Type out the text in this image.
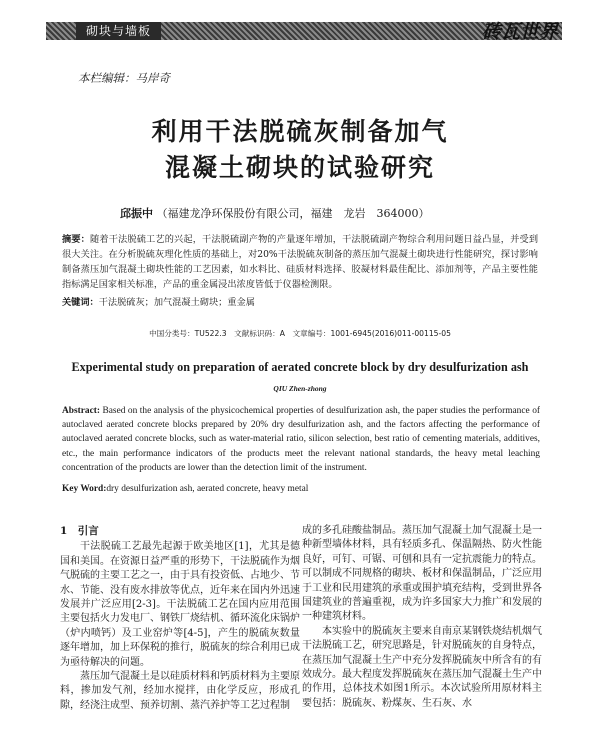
砌块与墙板	砖瓦世界
本栏编辑：马岸奇
利用干法脱硫灰制备加气
混凝土砌块的试验研究
邱振中 （福建龙净环保股份有限公司，福建　龙岩　364000）
摘要：随着干法脱硫工艺的兴起，干法脱硫副产物的产量逐年增加，干法脱硫副产物综合利用问题日益凸显，并受到很大关注。在分析脱硫灰理化性质的基础上，对20%干法脱硫灰制备的蒸压加气混凝土砌块进行性能研究，探讨影响制备蒸压加气混凝土砌块性能的工艺因素，如水料比、硅质材料选择、胶凝材料最佳配比、添加剂等，产品主要性能指标满足国家相关标准，产品的重金属浸出浓度皆低于仪器检测限。
关键词：干法脱硫灰；加气混凝土砌块；重金属
中国分类号：TU522.3　文献标识码：A　文章编号：1001-6945(2016)011-00115-05
Experimental study on preparation of aerated concrete block by dry desulfurization ash
QIU Zhen-zhong
Abstract: Based on the analysis of the physicochemical properties of desulfurization ash, the paper studies the performance of autoclaved aerated concrete blocks prepared by 20% dry desulfurization ash, and the factors affecting the performance of autoclaved aerated concrete blocks, such as water-material ratio, silicon selection, best ratio of cementing materials, additives, etc., the main performance indicators of the products meet the relevant national standards, the heavy metal leaching concentration of the products are lower than the detection limit of the instrument.
Key Word:dry desulfurization ash, aerated concrete, heavy metal
1　引言

干法脱硫工艺最先起源于欧美地区[1]，尤其是德国和美国。在资源日益严重的形势下，干法脱硫作为烟气脱硫的主要工艺之一，由于具有投资低、占地少、节水、节能、没有废水排放等优点，近年来在国内外迅速发展并广泛应用[2-3]。干法脱硫工艺在国内应用范围主要包括火力发电厂、钢铁厂烧结机、循环流化床锅炉（炉内喷钙）及工业窑炉等[4-5]，产生的脱硫灰数量逐年增加，加上环保税的推行，脱硫灰的综合利用已成为亟待解决的问题。

蒸压加气混凝土是以硅质材料和钙质材料为主要原料，掺加发气剂，经加水搅拌，由化学反应，形成孔隙，经浇注成型、预养切割、蒸汽养护等工艺过程制

成的多孔硅酸盐制品。蒸压加气混凝土加气混凝土是一种新型墙体材料，具有轻质多孔、保温隔热、防火性能良好，可钉、可锯、可刨和具有一定抗震能力的特点。可以制成不同规格的砌块、板材和保温制品，广泛应用于工业和民用建筑的承重或围护填充结构，受到世界各国建筑业的普遍重视，成为许多国家大力推广和发展的一种建筑材料。

本实验中的脱硫灰主要来自南京某钢铁烧结机烟气干法脱硫工艺，研究思路是，针对脱硫灰的自身特点，在蒸压加气混凝土生产中充分发挥脱硫灰中所含有的有效成分。最大程度发挥脱硫灰在蒸压加气混凝土生产中的作用，总体技术如图1所示。本次试验所用原材料主要包括：脱硫灰、粉煤灰、生石灰、水
